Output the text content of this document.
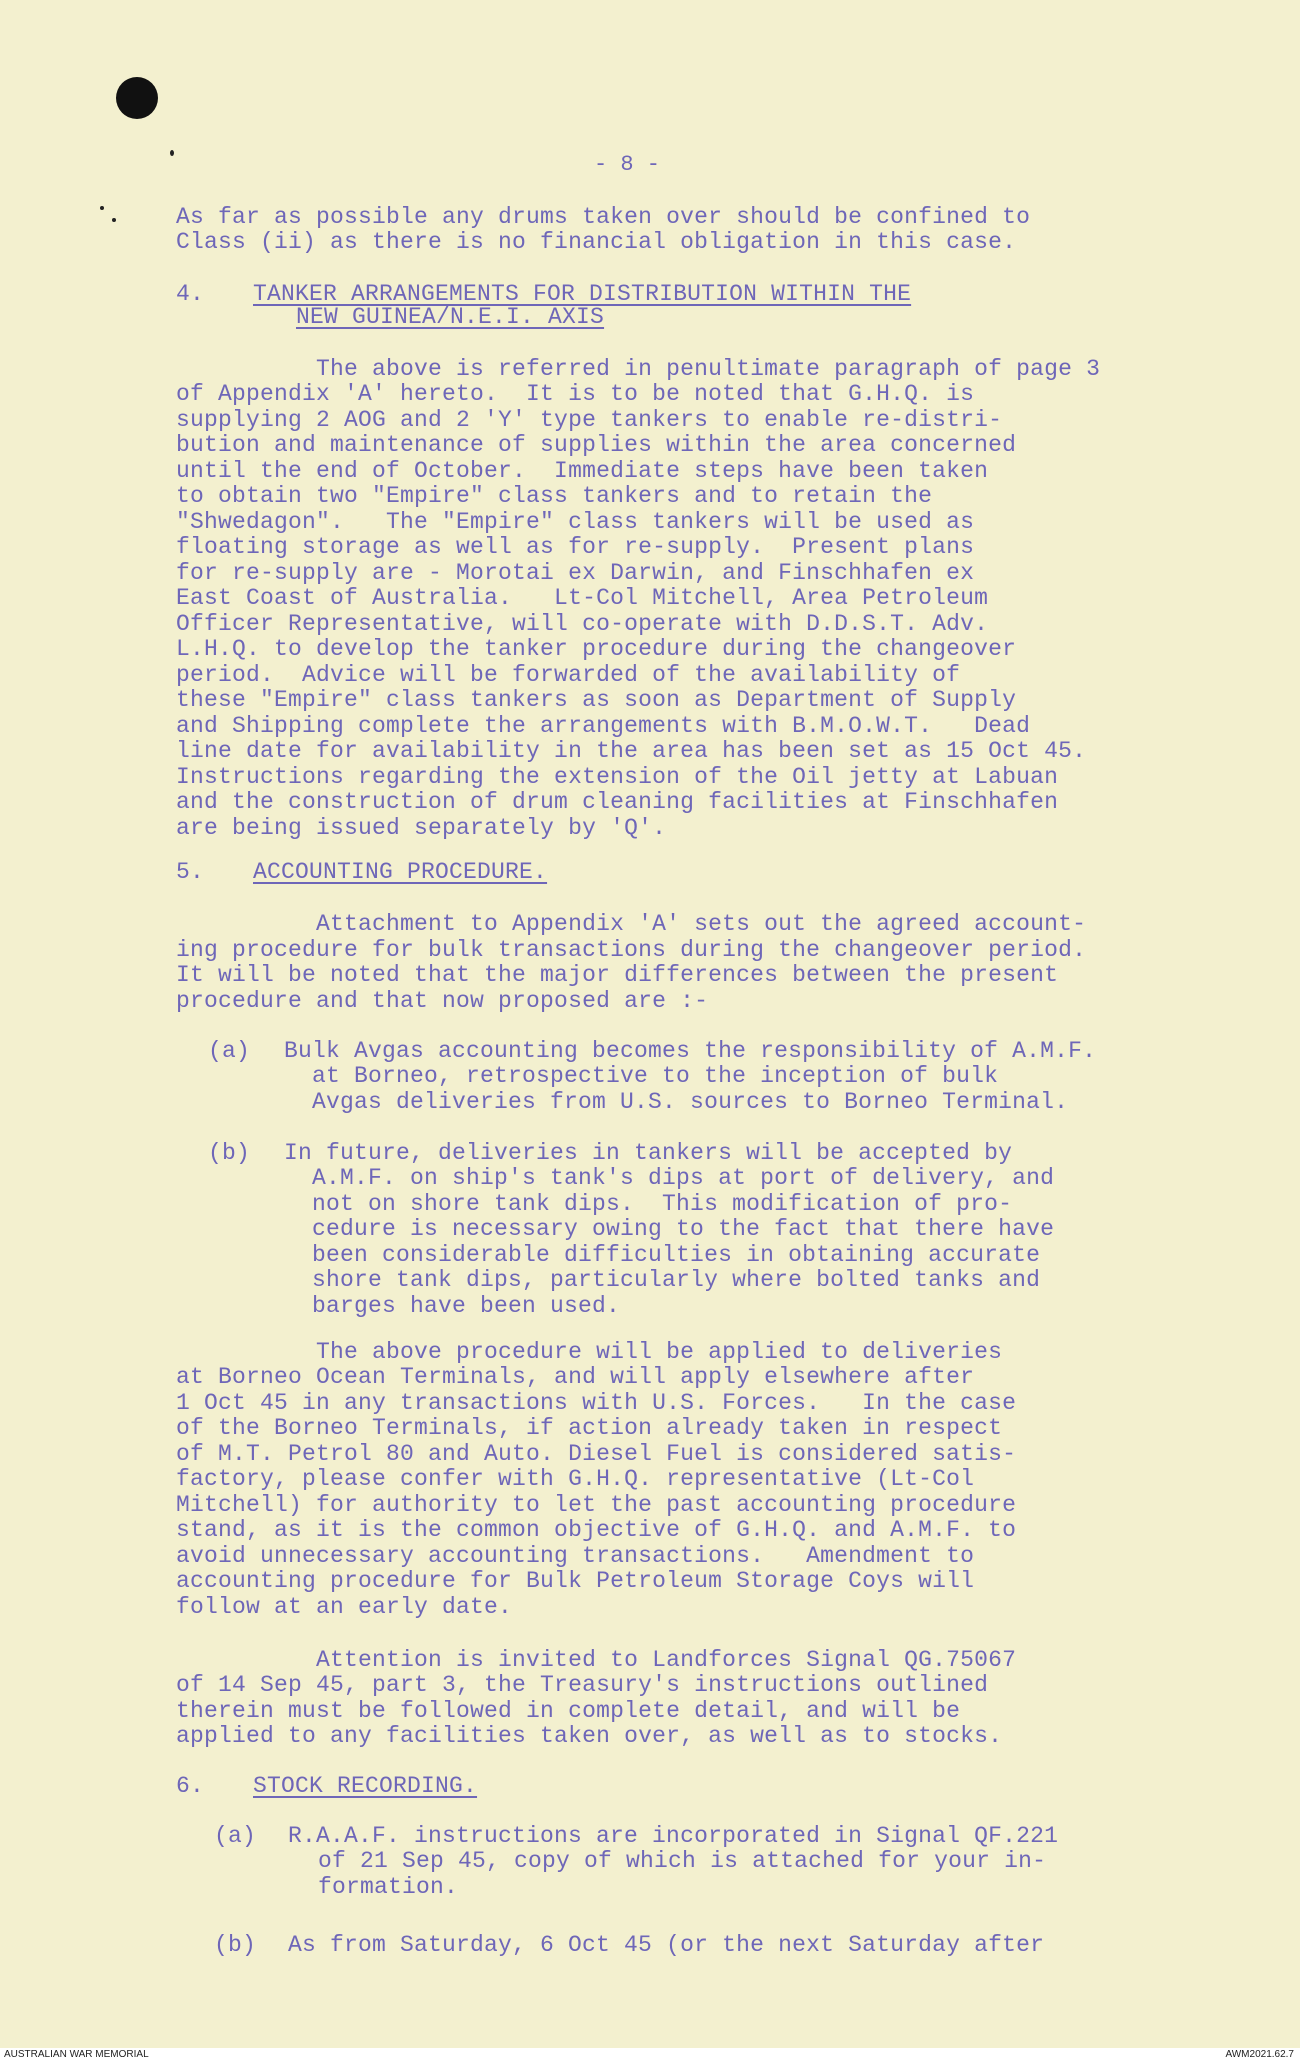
- 8 -
As far as possible any drums taken over should be confined to
Class (ii) as there is no financial obligation in this case.
4. TANKER ARRANGEMENTS FOR DISTRIBUTION WITHIN THE
NEW GUINEA/N.E.I. AXIS
The above is referred in penultimate paragraph of page 3
of Appendix 'A' hereto.  It is to be noted that G.H.Q. is
supplying 2 AOG and 2 'Y' type tankers to enable re-distri-
bution and maintenance of supplies within the area concerned
until the end of October.  Immediate steps have been taken
to obtain two "Empire" class tankers and to retain the
"Shwedagon".   The "Empire" class tankers will be used as
floating storage as well as for re-supply.  Present plans
for re-supply are - Morotai ex Darwin, and Finschhafen ex
East Coast of Australia.   Lt-Col Mitchell, Area Petroleum
Officer Representative, will co-operate with D.D.S.T. Adv.
L.H.Q. to develop the tanker procedure during the changeover
period.  Advice will be forwarded of the availability of
these "Empire" class tankers as soon as Department of Supply
and Shipping complete the arrangements with B.M.O.W.T.   Dead
line date for availability in the area has been set as 15 Oct 45.
Instructions regarding the extension of the Oil jetty at Labuan
and the construction of drum cleaning facilities at Finschhafen
are being issued separately by 'Q'.
5. ACCOUNTING PROCEDURE.
Attachment to Appendix 'A' sets out the agreed account-
ing procedure for bulk transactions during the changeover period.
It will be noted that the major differences between the present
procedure and that now proposed are :-
(a) Bulk Avgas accounting becomes the responsibility of A.M.F.
at Borneo, retrospective to the inception of bulk
Avgas deliveries from U.S. sources to Borneo Terminal.
(b) In future, deliveries in tankers will be accepted by
A.M.F. on ship's tank's dips at port of delivery, and
not on shore tank dips.  This modification of pro-
cedure is necessary owing to the fact that there have
been considerable difficulties in obtaining accurate
shore tank dips, particularly where bolted tanks and
barges have been used.
The above procedure will be applied to deliveries
at Borneo Ocean Terminals, and will apply elsewhere after
1 Oct 45 in any transactions with U.S. Forces.   In the case
of the Borneo Terminals, if action already taken in respect
of M.T. Petrol 80 and Auto. Diesel Fuel is considered satis-
factory, please confer with G.H.Q. representative (Lt-Col
Mitchell) for authority to let the past accounting procedure
stand, as it is the common objective of G.H.Q. and A.M.F. to
avoid unnecessary accounting transactions.   Amendment to
accounting procedure for Bulk Petroleum Storage Coys will
follow at an early date.
Attention is invited to Landforces Signal QG.75067
of 14 Sep 45, part 3, the Treasury's instructions outlined
therein must be followed in complete detail, and will be
applied to any facilities taken over, as well as to stocks.
6. STOCK RECORDING.
(a) R.A.A.F. instructions are incorporated in Signal QF.221
of 21 Sep 45, copy of which is attached for your in-
formation.
(b) As from Saturday, 6 Oct 45 (or the next Saturday after
AUSTRALIAN WAR MEMORIAL	AWM2021.62.7
